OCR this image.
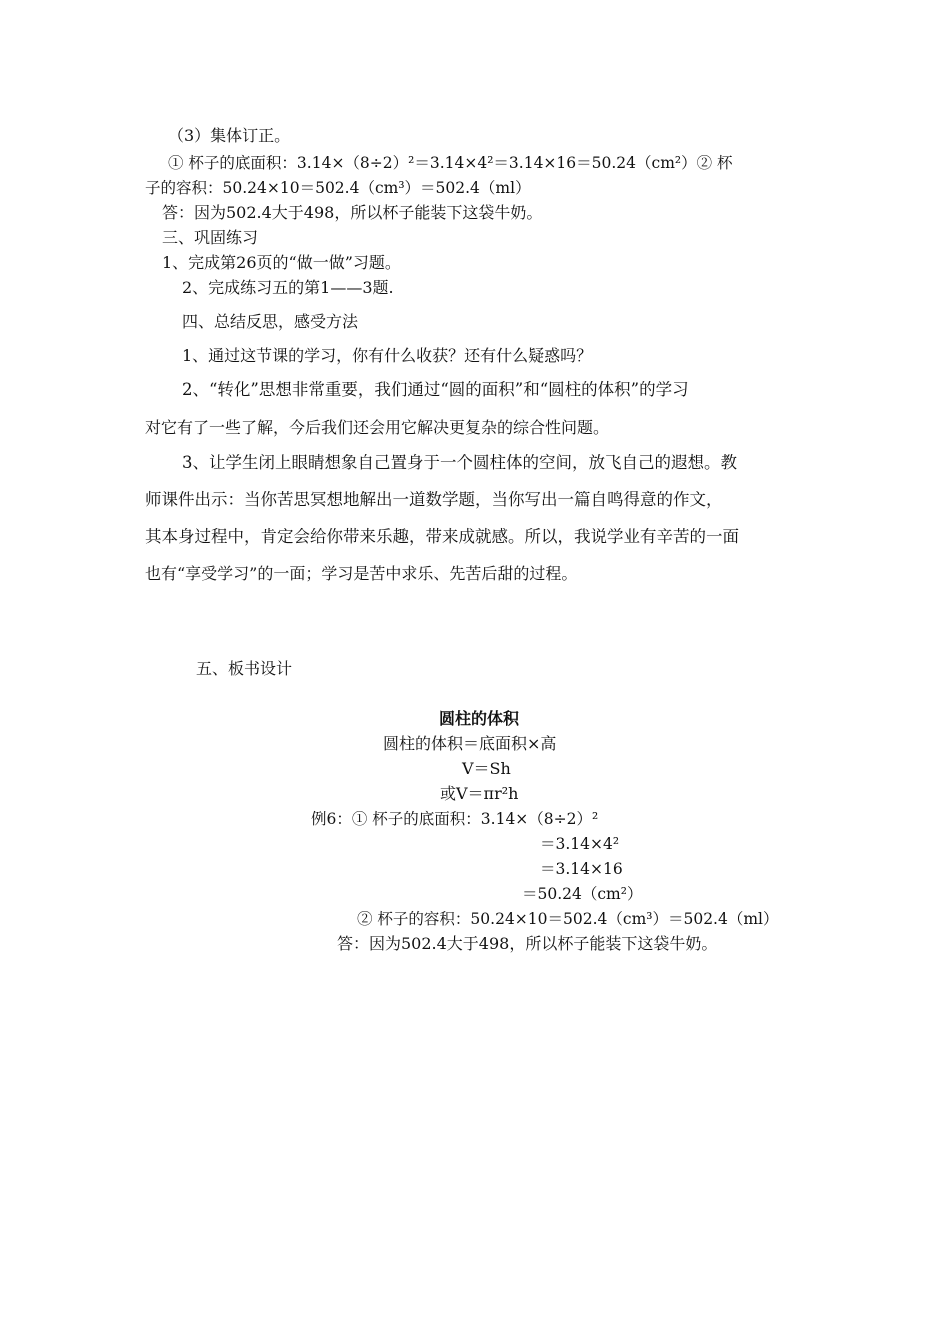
（3）集体订正。
① 杯子的底面积：3.14×（8÷2）²＝3.14×4²＝3.14×16＝50.24（cm²）② 杯
子的容积：50.24×10＝502.4（cm³）＝502.4（ml）
答：因为502.4大于498，所以杯子能装下这袋牛奶。
三、巩固练习
1、完成第26页的“做一做”习题。
2、完成练习五的第1——3题.
四、总结反思，感受方法
1、通过这节课的学习，你有什么收获？还有什么疑惑吗？
2、“转化”思想非常重要，我们通过“圆的面积”和“圆柱的体积”的学习
对它有了一些了解，今后我们还会用它解决更复杂的综合性问题。
3、让学生闭上眼睛想象自己置身于一个圆柱体的空间，放飞自己的遐想。教
师课件出示：当你苦思冥想地解出一道数学题，当你写出一篇自鸣得意的作文，
其本身过程中，肯定会给你带来乐趣，带来成就感。所以，我说学业有辛苦的一面
也有“享受学习”的一面；学习是苦中求乐、先苦后甜的过程。
五、板书设计
圆柱的体积
圆柱的体积＝底面积×高
V＝Sh
或V＝πr²h
例6：① 杯子的底面积：3.14×（8÷2）²
＝3.14×4²
＝3.14×16
＝50.24（cm²）
② 杯子的容积：50.24×10＝502.4（cm³）＝502.4（ml）
答：因为502.4大于498，所以杯子能装下这袋牛奶。
